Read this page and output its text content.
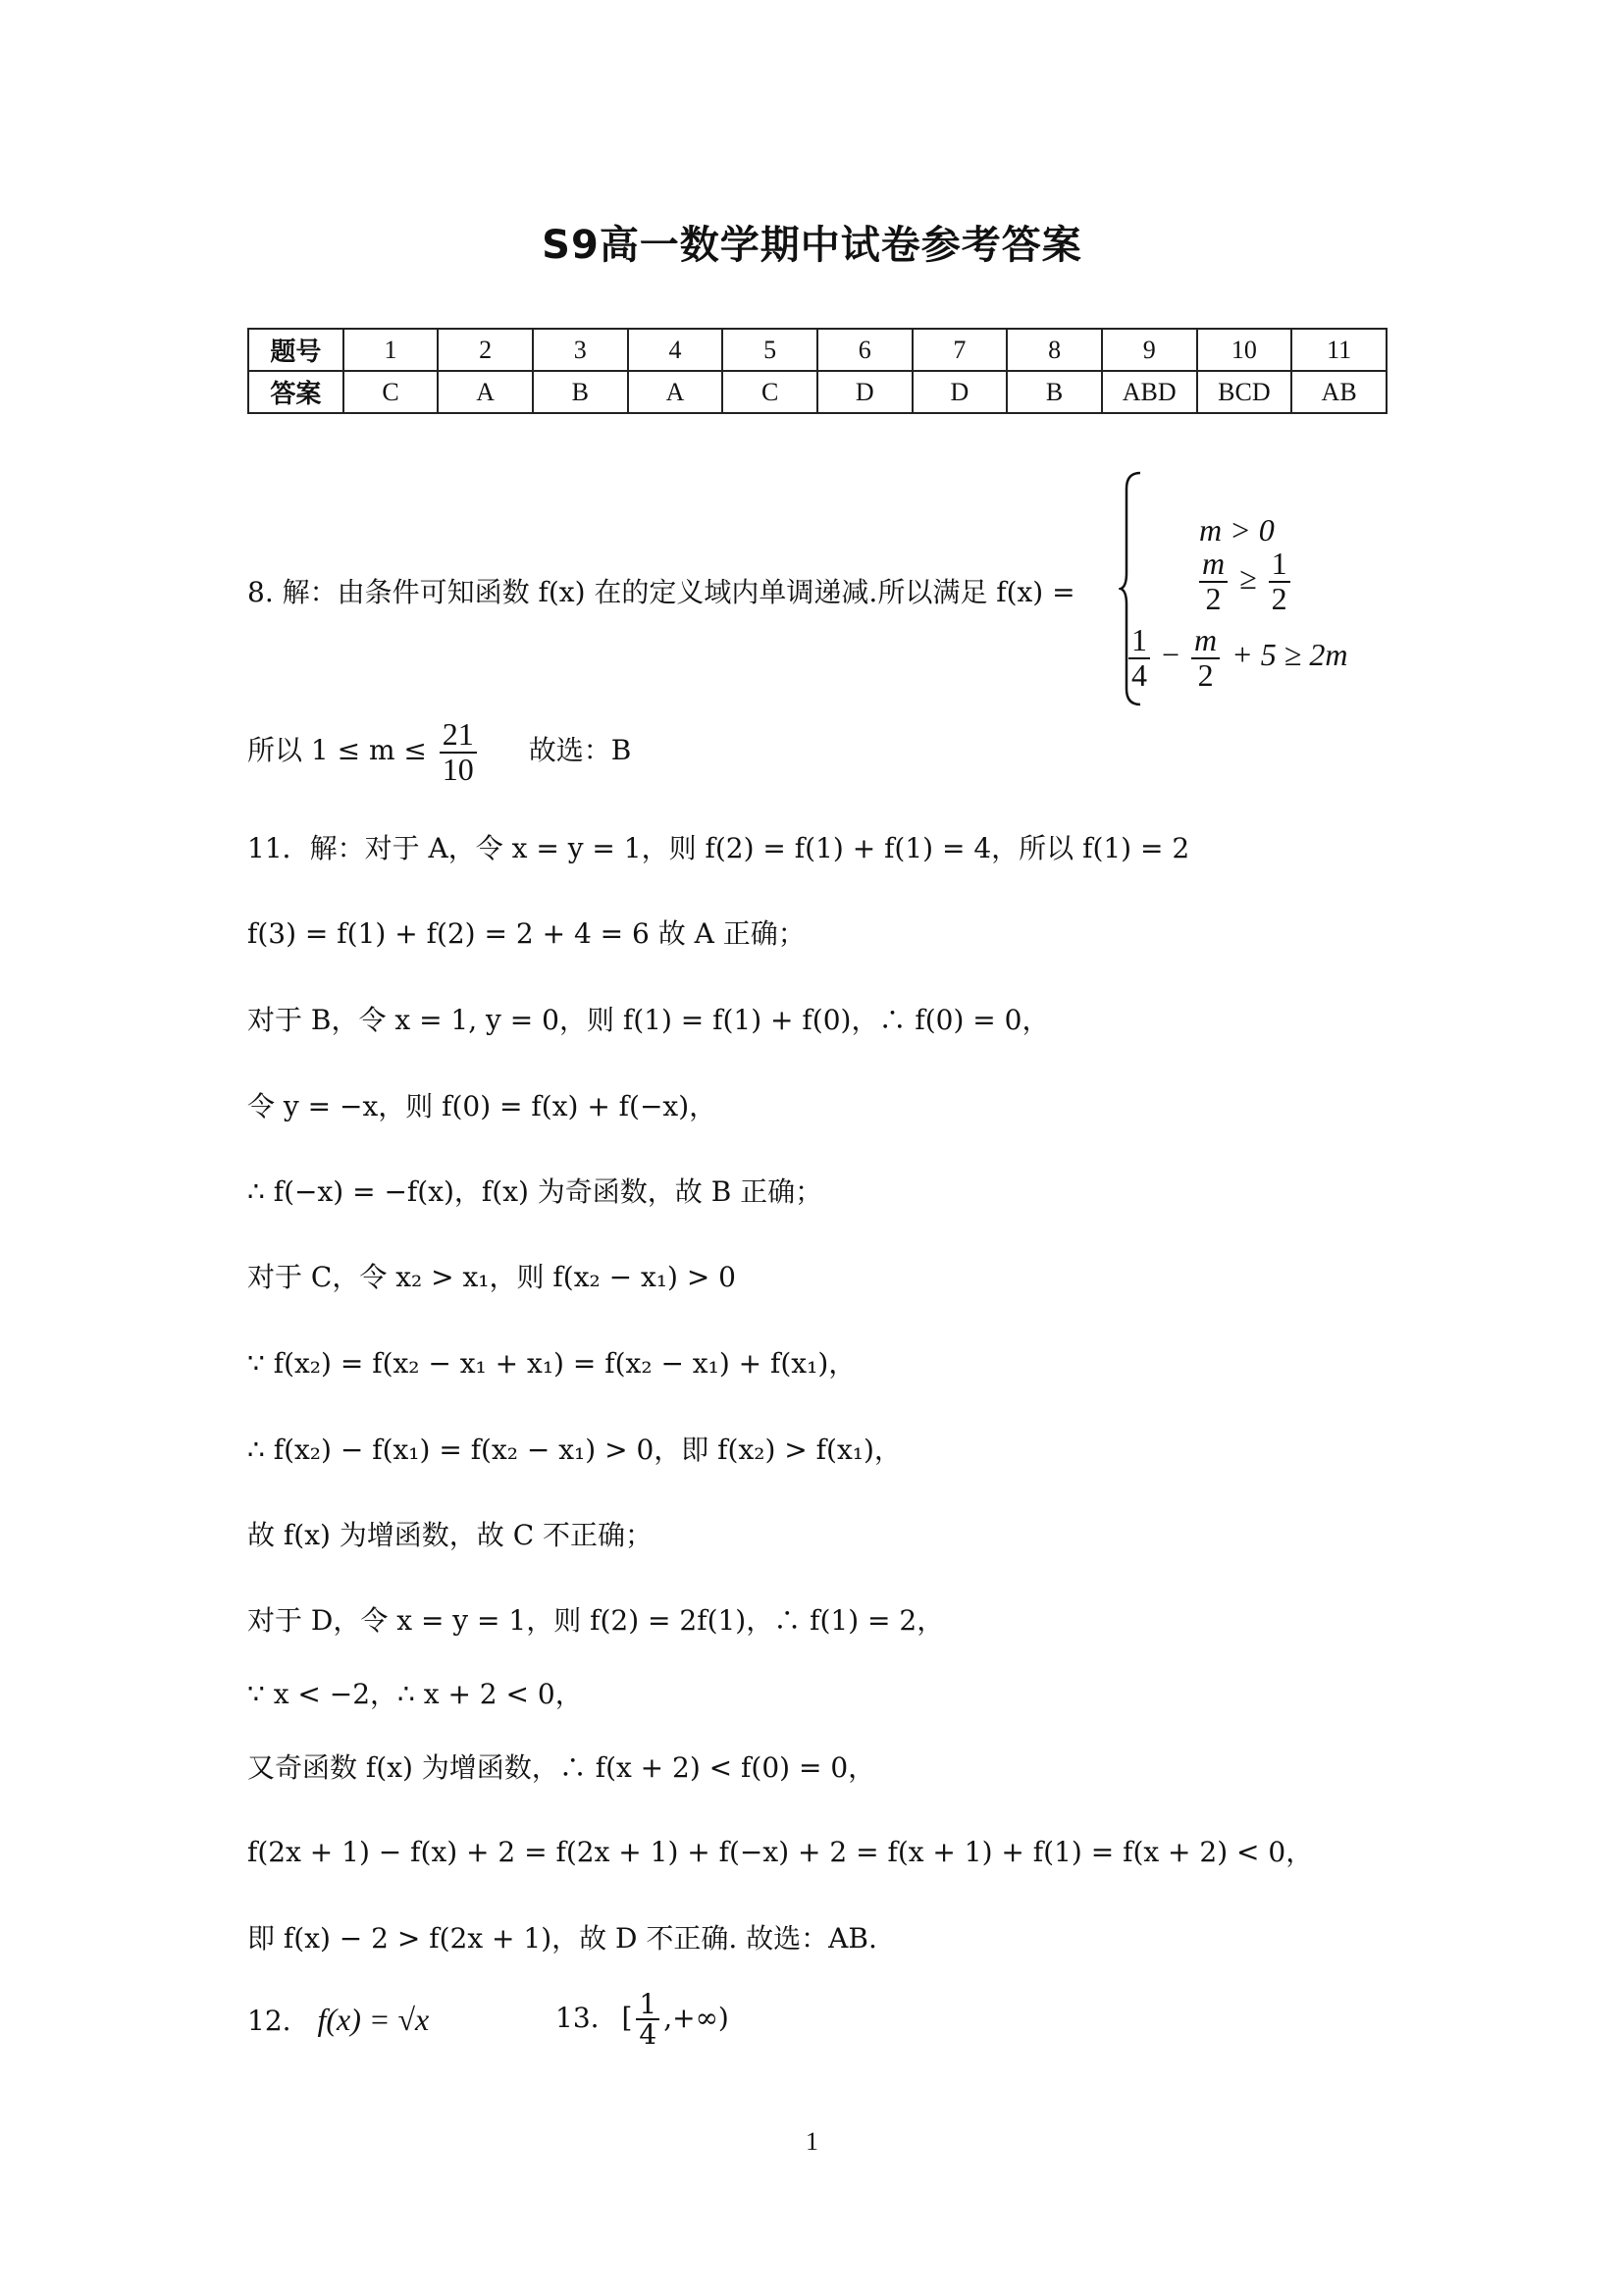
S9高一数学期中试卷参考答案
题号	1	2	3	4	5	6	7	8	9	10	11
答案	C	A	B	A	C	D	D	B	ABD	BCD	AB
8. 解：由条件可知函数 f(x) 在的定义域内单调递减.所以满足 f(x) =
m > 0
$\frac{m}{2} \ge \frac{1}{2}$
$\frac{1}{4} - \frac{m}{2} + 5 \ge 2m$
所以 $1 \le m \le \frac{21}{10}$ 故选：B
11．解：对于 A，令 x = y = 1，则 f(2) = f(1) + f(1) = 4，所以 f(1) = 2
f(3) = f(1) + f(2) = 2 + 4 = 6 故 A 正确；
对于 B，令 x = 1, y = 0，则 f(1) = f(1) + f(0)，∴ f(0) = 0，
令 y = −x，则 f(0) = f(x) + f(−x)，
∴ f(−x) = −f(x)，f(x) 为奇函数，故 B 正确；
对于 C，令 x₂ > x₁，则 f(x₂ − x₁) > 0
∵ f(x₂) = f(x₂ − x₁ + x₁) = f(x₂ − x₁) + f(x₁)，
∴ f(x₂) − f(x₁) = f(x₂ − x₁) > 0，即 f(x₂) > f(x₁)，
故 f(x) 为增函数，故 C 不正确；
对于 D，令 x = y = 1，则 f(2) = 2f(1)，∴ f(1) = 2，
∵ x < −2，∴ x + 2 < 0，
又奇函数 f(x) 为增函数，∴ f(x + 2) < f(0) = 0，
f(2x + 1) − f(x) + 2 = f(2x + 1) + f(−x) + 2 = f(x + 1) + f(1) = f(x + 2) < 0，
即 f(x) − 2 > f(2x + 1)，故 D 不正确. 故选：AB.
12. f(x) = √x	13. [ $\frac{1}{4}$ ,+∞)
1
